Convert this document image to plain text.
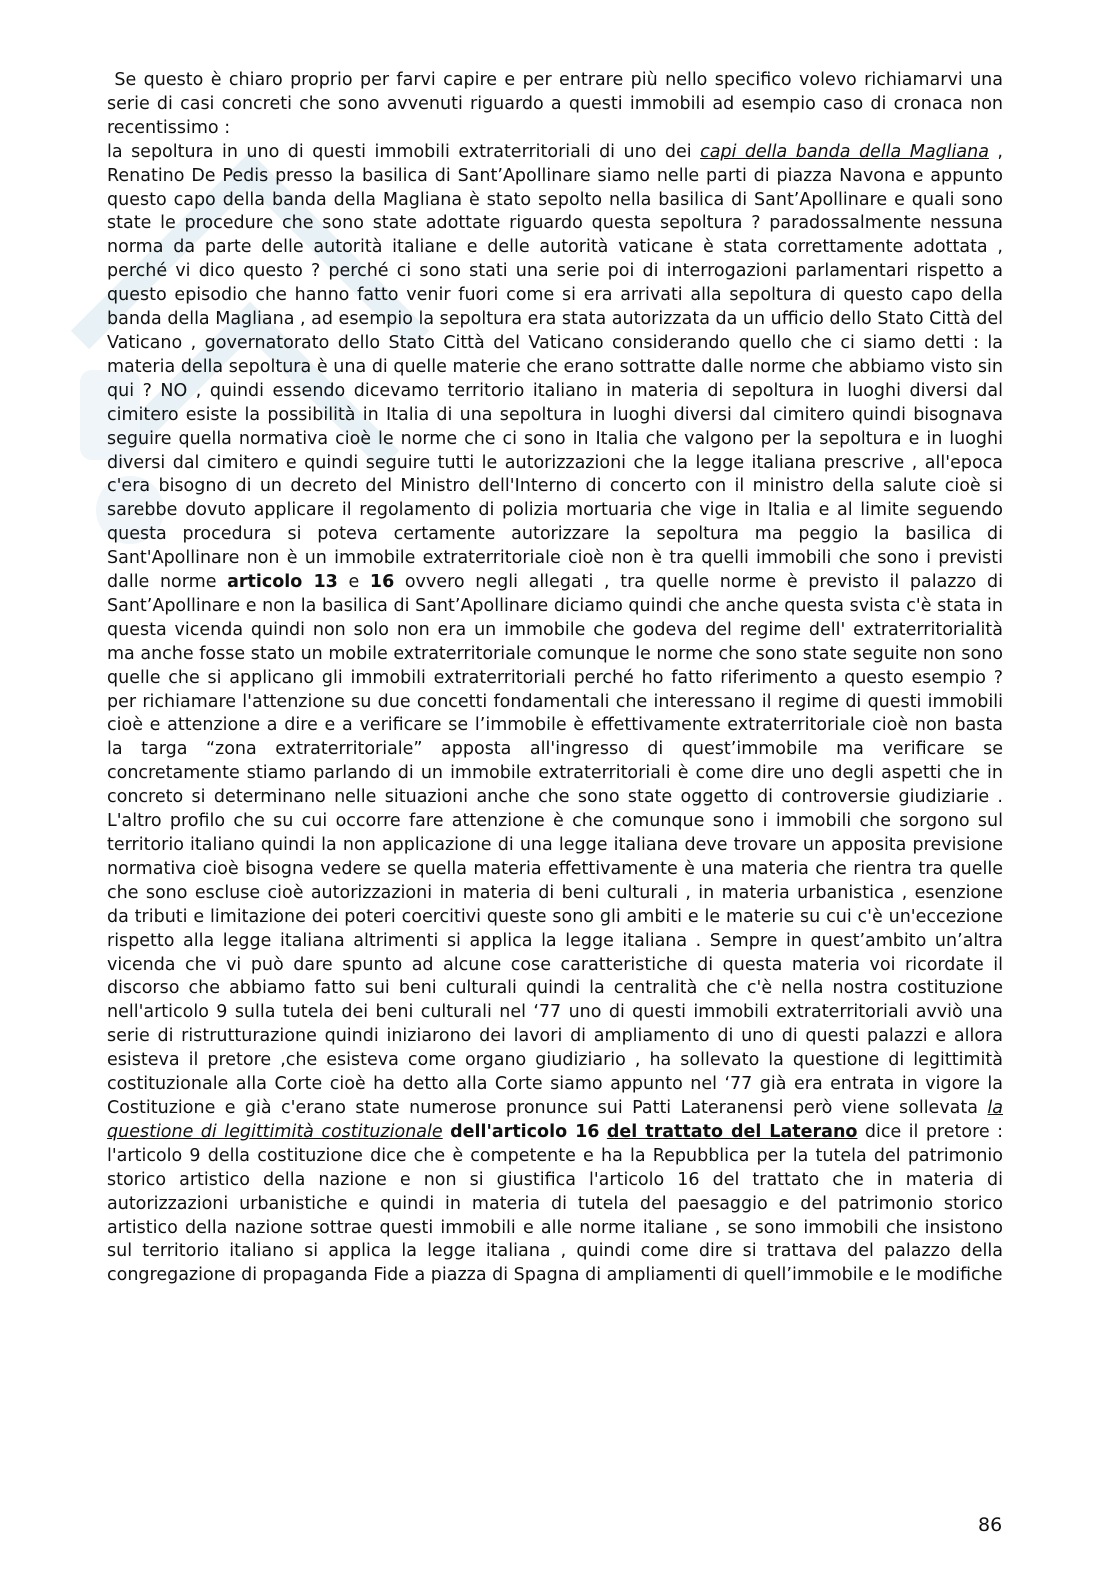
Se questo è chiaro proprio per farvi capire e per entrare più nello specifico volevo richiamarvi una serie di casi concreti che sono avvenuti riguardo a questi immobili ad esempio caso di cronaca non recentissimo :

la sepoltura in uno di questi immobili extraterritoriali di uno dei capi della banda della Magliana , Renatino De Pedis presso la basilica di Sant’Apollinare siamo nelle parti di piazza Navona e appunto questo capo della banda della Magliana è stato sepolto nella basilica di Sant’Apollinare e quali sono state le procedure che sono state adottate riguardo questa sepoltura ? paradossalmente nessuna norma da parte delle autorità italiane e delle autorità vaticane è stata correttamente adottata , perché vi dico questo ? perché ci sono stati una serie poi di interrogazioni parlamentari rispetto a questo episodio che hanno fatto venir fuori come si era arrivati alla sepoltura di questo capo della banda della Magliana , ad esempio la sepoltura era stata autorizzata da un ufficio dello Stato Città del Vaticano , governatorato dello Stato Città del Vaticano considerando quello che ci siamo detti : la materia della sepoltura è una di quelle materie che erano sottratte dalle norme che abbiamo visto sin qui ? NO , quindi essendo dicevamo territorio italiano in materia di sepoltura in luoghi diversi dal cimitero esiste la possibilità in Italia di una sepoltura in luoghi diversi dal cimitero quindi bisognava seguire quella normativa cioè le norme che ci sono in Italia che valgono per la sepoltura e in luoghi diversi dal cimitero e quindi seguire tutti le autorizzazioni che la legge italiana prescrive , all'epoca c'era bisogno di un decreto del Ministro dell'Interno di concerto con il ministro della salute cioè si sarebbe dovuto applicare il regolamento di polizia mortuaria che vige in Italia e al limite seguendo questa procedura si poteva certamente autorizzare la sepoltura ma peggio la basilica di Sant'Apollinare non è un immobile extraterritoriale cioè non è tra quelli immobili che sono i previsti dalle norme articolo 13 e 16 ovvero negli allegati , tra quelle norme è previsto il palazzo di Sant’Apollinare e non la basilica di Sant’Apollinare diciamo quindi che anche questa svista c'è stata in questa vicenda quindi non solo non era un immobile che godeva del regime dell' extraterritorialità ma anche fosse stato un mobile extraterritoriale comunque le norme che sono state seguite non sono quelle che si applicano gli immobili extraterritoriali perché ho fatto riferimento a questo esempio ? per richiamare l'attenzione su due concetti fondamentali che interessano il regime di questi immobili cioè e attenzione a dire e a verificare se l’immobile è effettivamente extraterritoriale cioè non basta la targa “zona extraterritoriale” apposta all'ingresso di quest’immobile ma verificare se concretamente stiamo parlando di un immobile extraterritoriali è come dire uno degli aspetti che in concreto si determinano nelle situazioni anche che sono state oggetto di controversie giudiziarie . L'altro profilo che su cui occorre fare attenzione è che comunque sono i immobili che sorgono sul territorio italiano quindi la non applicazione di una legge italiana deve trovare un apposita previsione normativa cioè bisogna vedere se quella materia effettivamente è una materia che rientra tra quelle che sono escluse cioè autorizzazioni in materia di beni culturali , in materia urbanistica , esenzione da tributi e limitazione dei poteri coercitivi queste sono gli ambiti e le materie su cui c'è un'eccezione rispetto alla legge italiana altrimenti si applica la legge italiana . Sempre in quest’ambito un’altra vicenda che vi può dare spunto ad alcune cose caratteristiche di questa materia voi ricordate il discorso che abbiamo fatto sui beni culturali quindi la centralità che c'è nella nostra costituzione nell'articolo 9 sulla tutela dei beni culturali nel ‘77 uno di questi immobili extraterritoriali avviò una serie di ristrutturazione quindi iniziarono dei lavori di ampliamento di uno di questi palazzi e allora esisteva il pretore ,che esisteva come organo giudiziario , ha sollevato la questione di legittimità costituzionale alla Corte cioè ha detto alla Corte siamo appunto nel ‘77 già era entrata in vigore la Costituzione e già c'erano state numerose pronunce sui Patti Lateranensi però viene sollevata la questione di legittimità costituzionale dell'articolo 16 del trattato del Laterano dice il pretore : l'articolo 9 della costituzione dice che è competente e ha la Repubblica per la tutela del patrimonio storico artistico della nazione e non si giustifica l'articolo 16 del trattato che in materia di autorizzazioni urbanistiche e quindi in materia di tutela del paesaggio e del patrimonio storico artistico della nazione sottrae questi immobili e alle norme italiane , se sono immobili che insistono sul territorio italiano si applica la legge italiana , quindi come dire si trattava del palazzo della congregazione di propaganda Fide a piazza di Spagna di ampliamenti di quell’immobile e le modifiche

86
